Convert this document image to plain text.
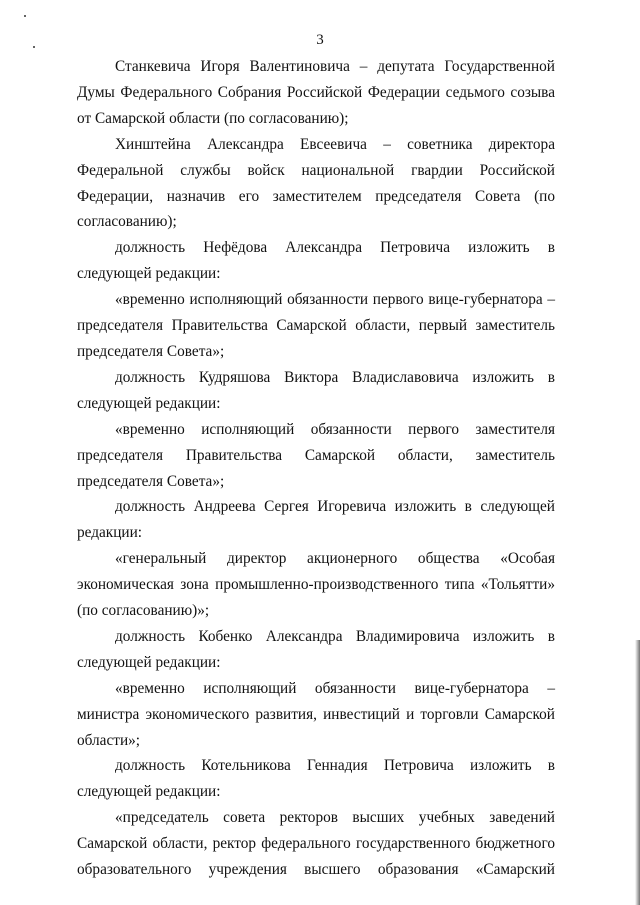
3

Станкевича Игоря Валентиновича – депутата Государственной Думы Федерального Собрания Российской Федерации седьмого созыва от Самарской области (по согласованию);

Хинштейна Александра Евсеевича – советника директора Федеральной службы войск национальной гвардии Российской Федерации, назначив его заместителем председателя Совета (по согласованию);

должность Нефёдова Александра Петровича изложить в следующей редакции:

«временно исполняющий обязанности первого вице-губернатора – председателя Правительства Самарской области, первый заместитель председателя Совета»;

должность Кудряшова Виктора Владиславовича изложить в следующей редакции:

«временно исполняющий обязанности первого заместителя председателя Правительства Самарской области, заместитель председателя Совета»;

должность Андреева Сергея Игоревича изложить в следующей редакции:

«генеральный директор акционерного общества «Особая экономическая зона промышленно-производственного типа «Тольятти» (по согласованию)»;

должность Кобенко Александра Владимировича изложить в следующей редакции:

«временно исполняющий обязанности вице-губернатора – министра экономического развития, инвестиций и торговли Самарской области»;

должность Котельникова Геннадия Петровича изложить в следующей редакции:

«председатель совета ректоров высших учебных заведений Самарской области, ректор федерального государственного бюджетного образовательного учреждения высшего образования «Самарский
